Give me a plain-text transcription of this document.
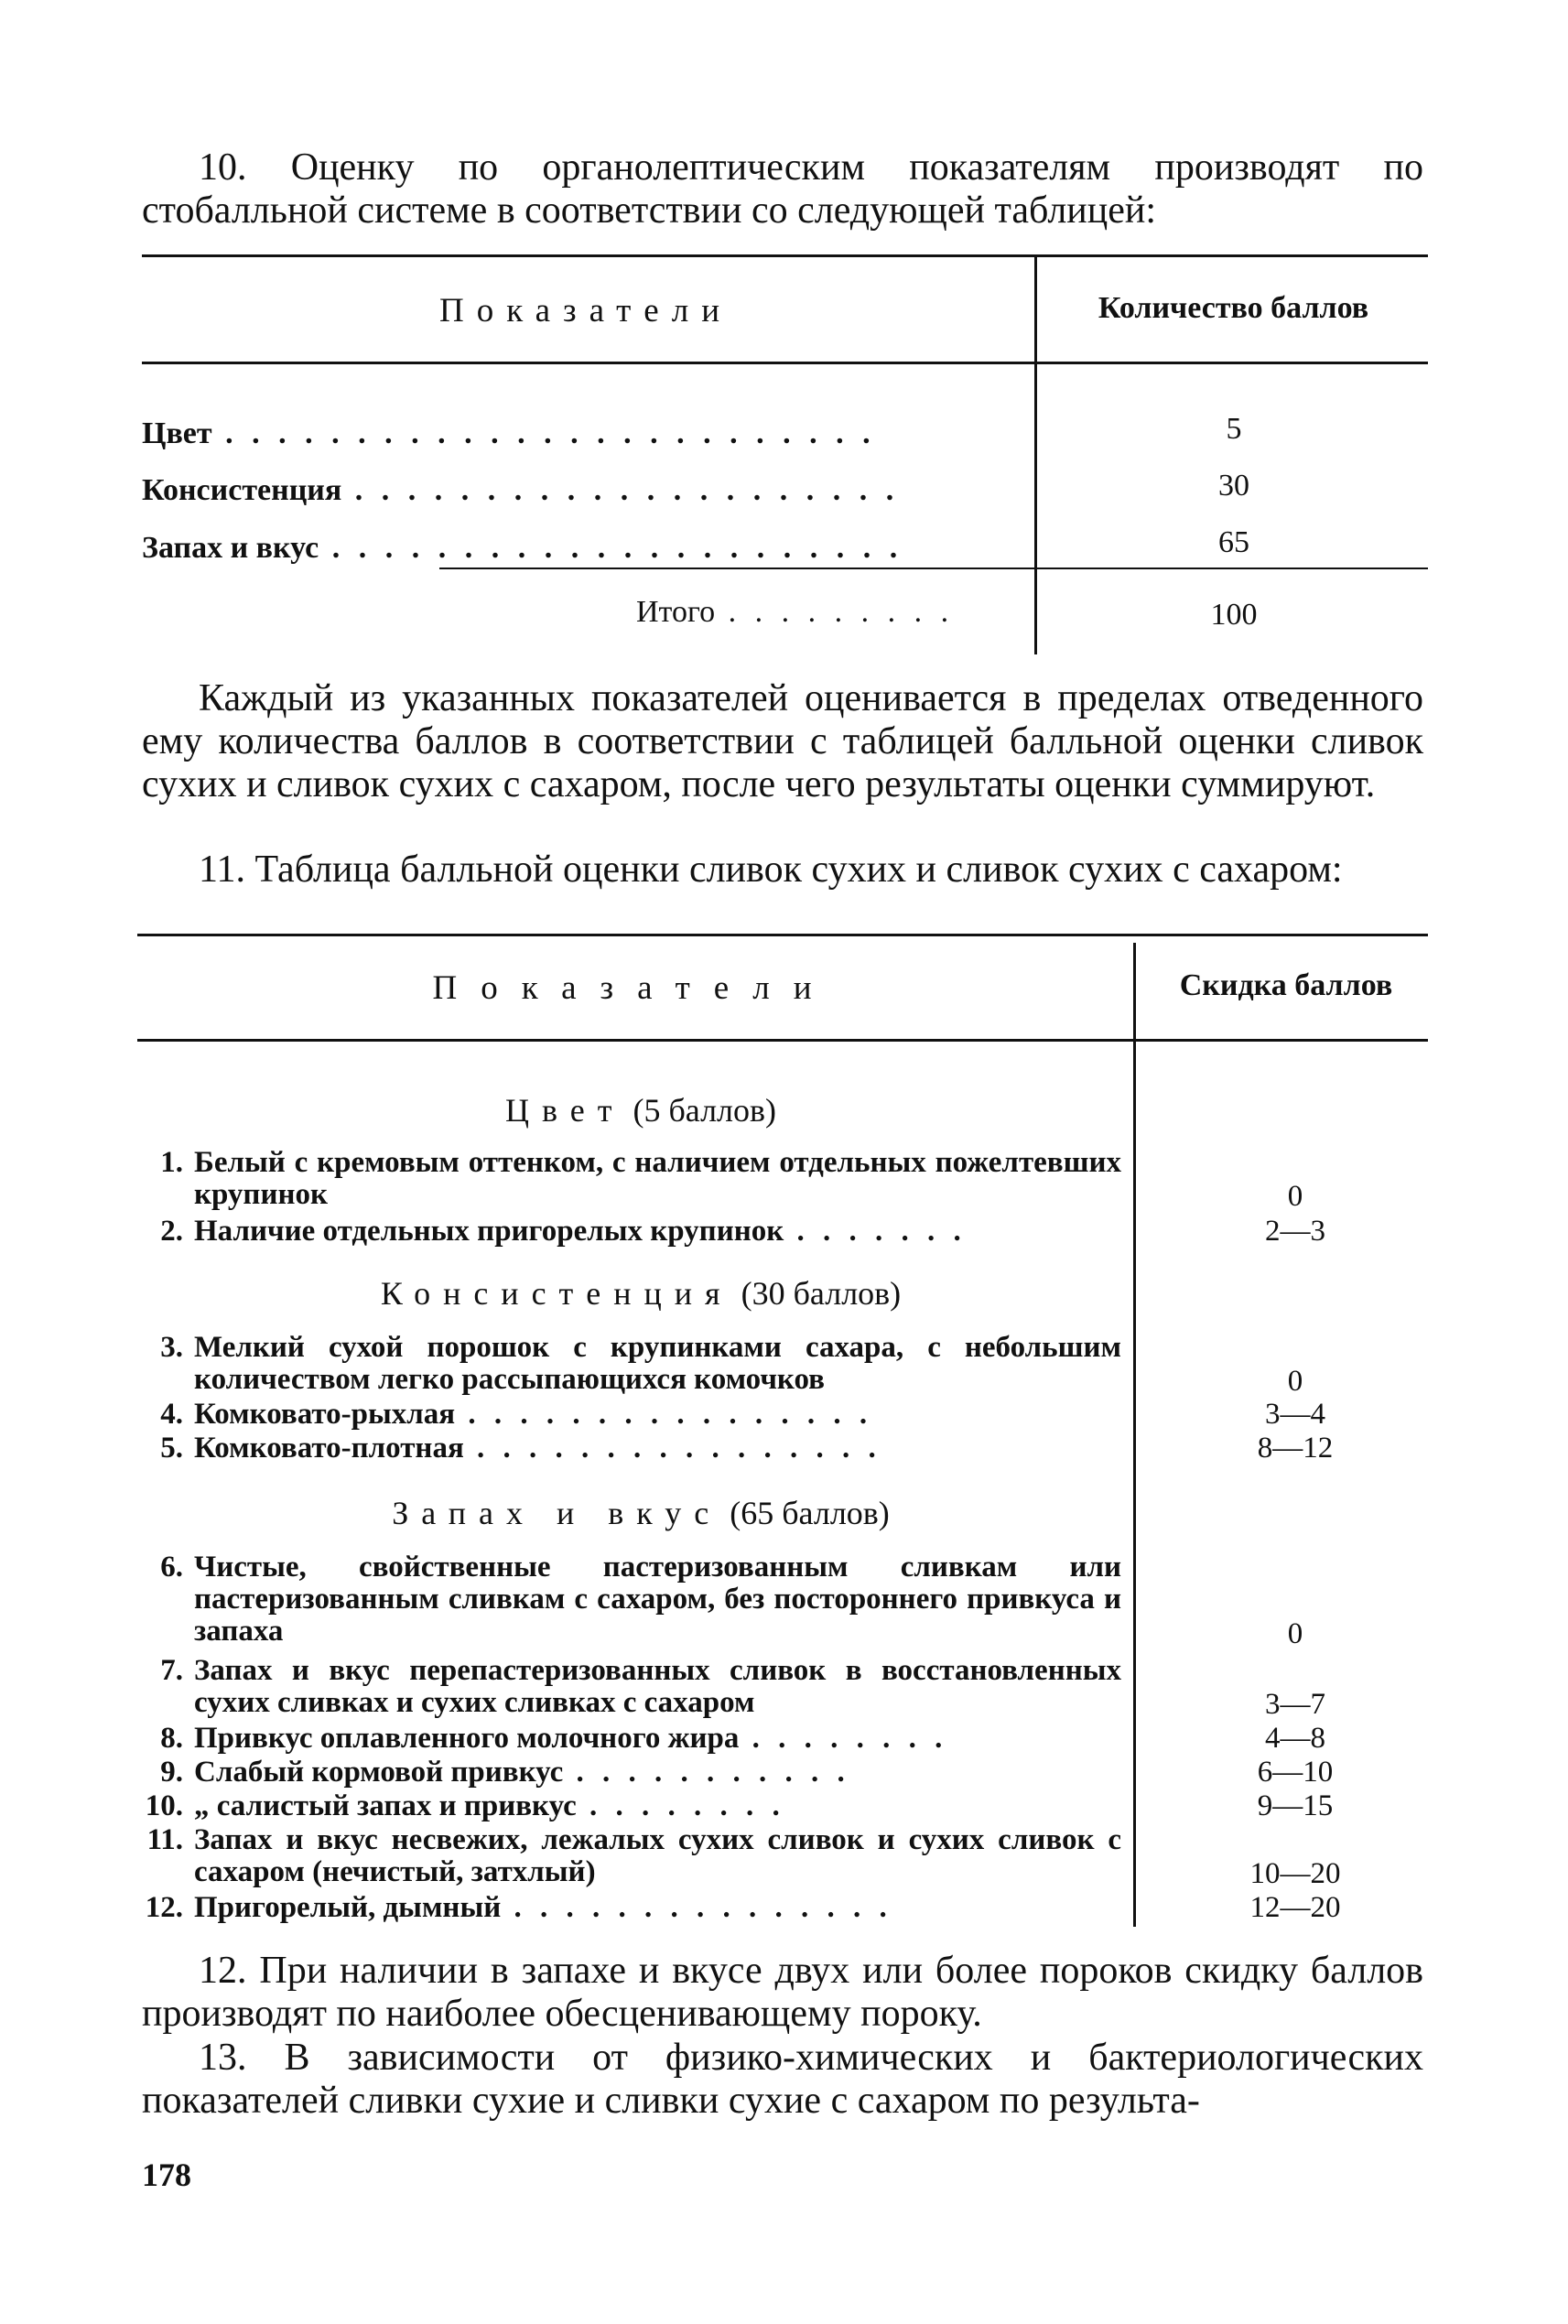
10. Оценку по органолептическим показателям производят по стобалльной системе в соответствии со следующей таблицей:

Показатели	Количество баллов
Цвет . . . . . . . . . . . . . . . . . . . . . . . . .	5
Консистенция . . . . . . . . . . . . . . . . . . . . .	30
Запах и вкус . . . . . . . . . . . . . . . . . . . . . .	65
Итого . . . . . . . . .	100

Каждый из указанных показателей оценивается в пределах отведенного ему количества баллов в соответствии с таблицей балльной оценки сливок сухих и сливок сухих с сахаром, после чего результаты оценки суммируют.

11. Таблица балльной оценки сливок сухих и сливок сухих с сахаром:

Показатели	Скидка баллов
Цвет (5 баллов)
1. Белый с кремовым оттенком, с наличием отдельных пожелтевших крупинок	0
2. Наличие отдельных пригорелых крупинок . . . . . . .	2—3
Консистенция (30 баллов)
3. Мелкий сухой порошок с крупинками сахара, с небольшим количеством легко рассыпающихся комочков	0
4. Комковато-рыхлая . . . . . . . . . . . . . . . .	3—4
5. Комковато-плотная . . . . . . . . . . . . . . . .	8—12
Запах и вкус (65 баллов)
6. Чистые, свойственные пастеризованным сливкам или пастеризованным сливкам с сахаром, без постороннего привкуса и запаха	0
7. Запах и вкус перепастеризованных сливок в восстановленных сухих сливках и сухих сливках с сахаром	3—7
8. Привкус оплавленного молочного жира . . . . . . . .	4—8
9. Слабый кормовой привкус . . . . . . . . . . .	6—10
10. „ салистый запах и привкус . . . . . . . .	9—15
11. Запах и вкус несвежих, лежалых сухих сливок и сухих сливок с сахаром (нечистый, затхлый)	10—20
12. Пригорелый, дымный . . . . . . . . . . . . . . .	12—20

12. При наличии в запахе и вкусе двух или более пороков скидку баллов производят по наиболее обесценивающему пороку.

13. В зависимости от физико-химических и бактериологических показателей сливки сухие и сливки сухие с сахаром по результа-

178
